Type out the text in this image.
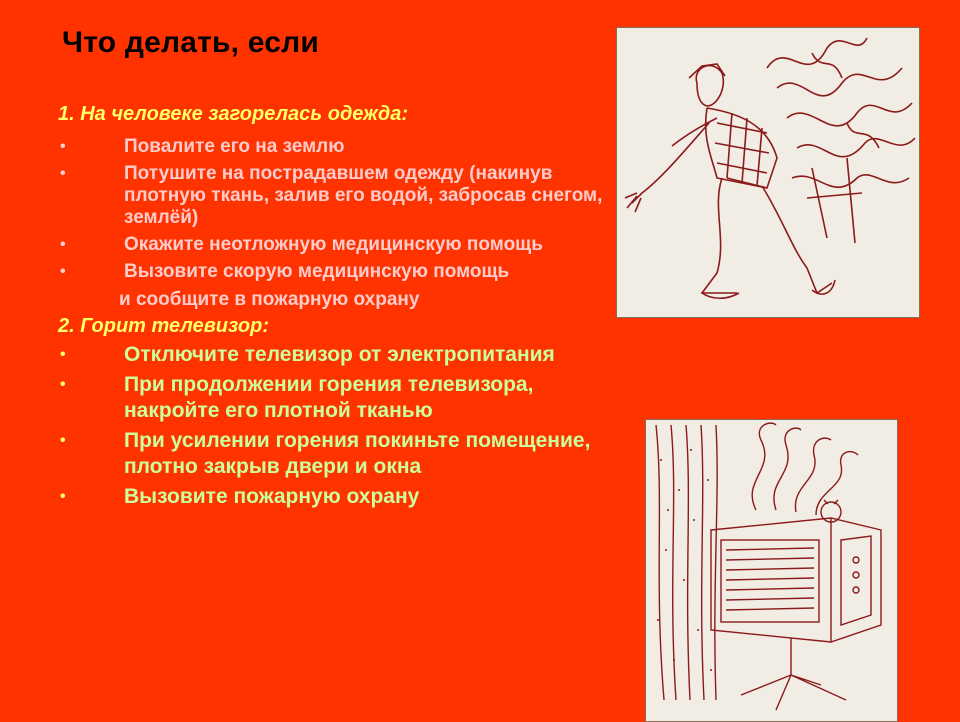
Что делать, если

1. На человеке загорелась одежда:

•	Повалите его на землю
•	Потушите на пострадавшем одежду (накинув плотную ткань, залив его водой, забросав снегом, землёй)
•	Окажите неотложную медицинскую помощь
•	Вызовите скорую медицинскую помощь
и сообщите в пожарную охрану

2. Горит телевизор:

•	Отключите телевизор от электропитания
•	При продолжении горения телевизора, накройте его плотной тканью
•	При усилении горения покиньте помещение, плотно закрыв двери и окна
•	Вызовите пожарную охрану
